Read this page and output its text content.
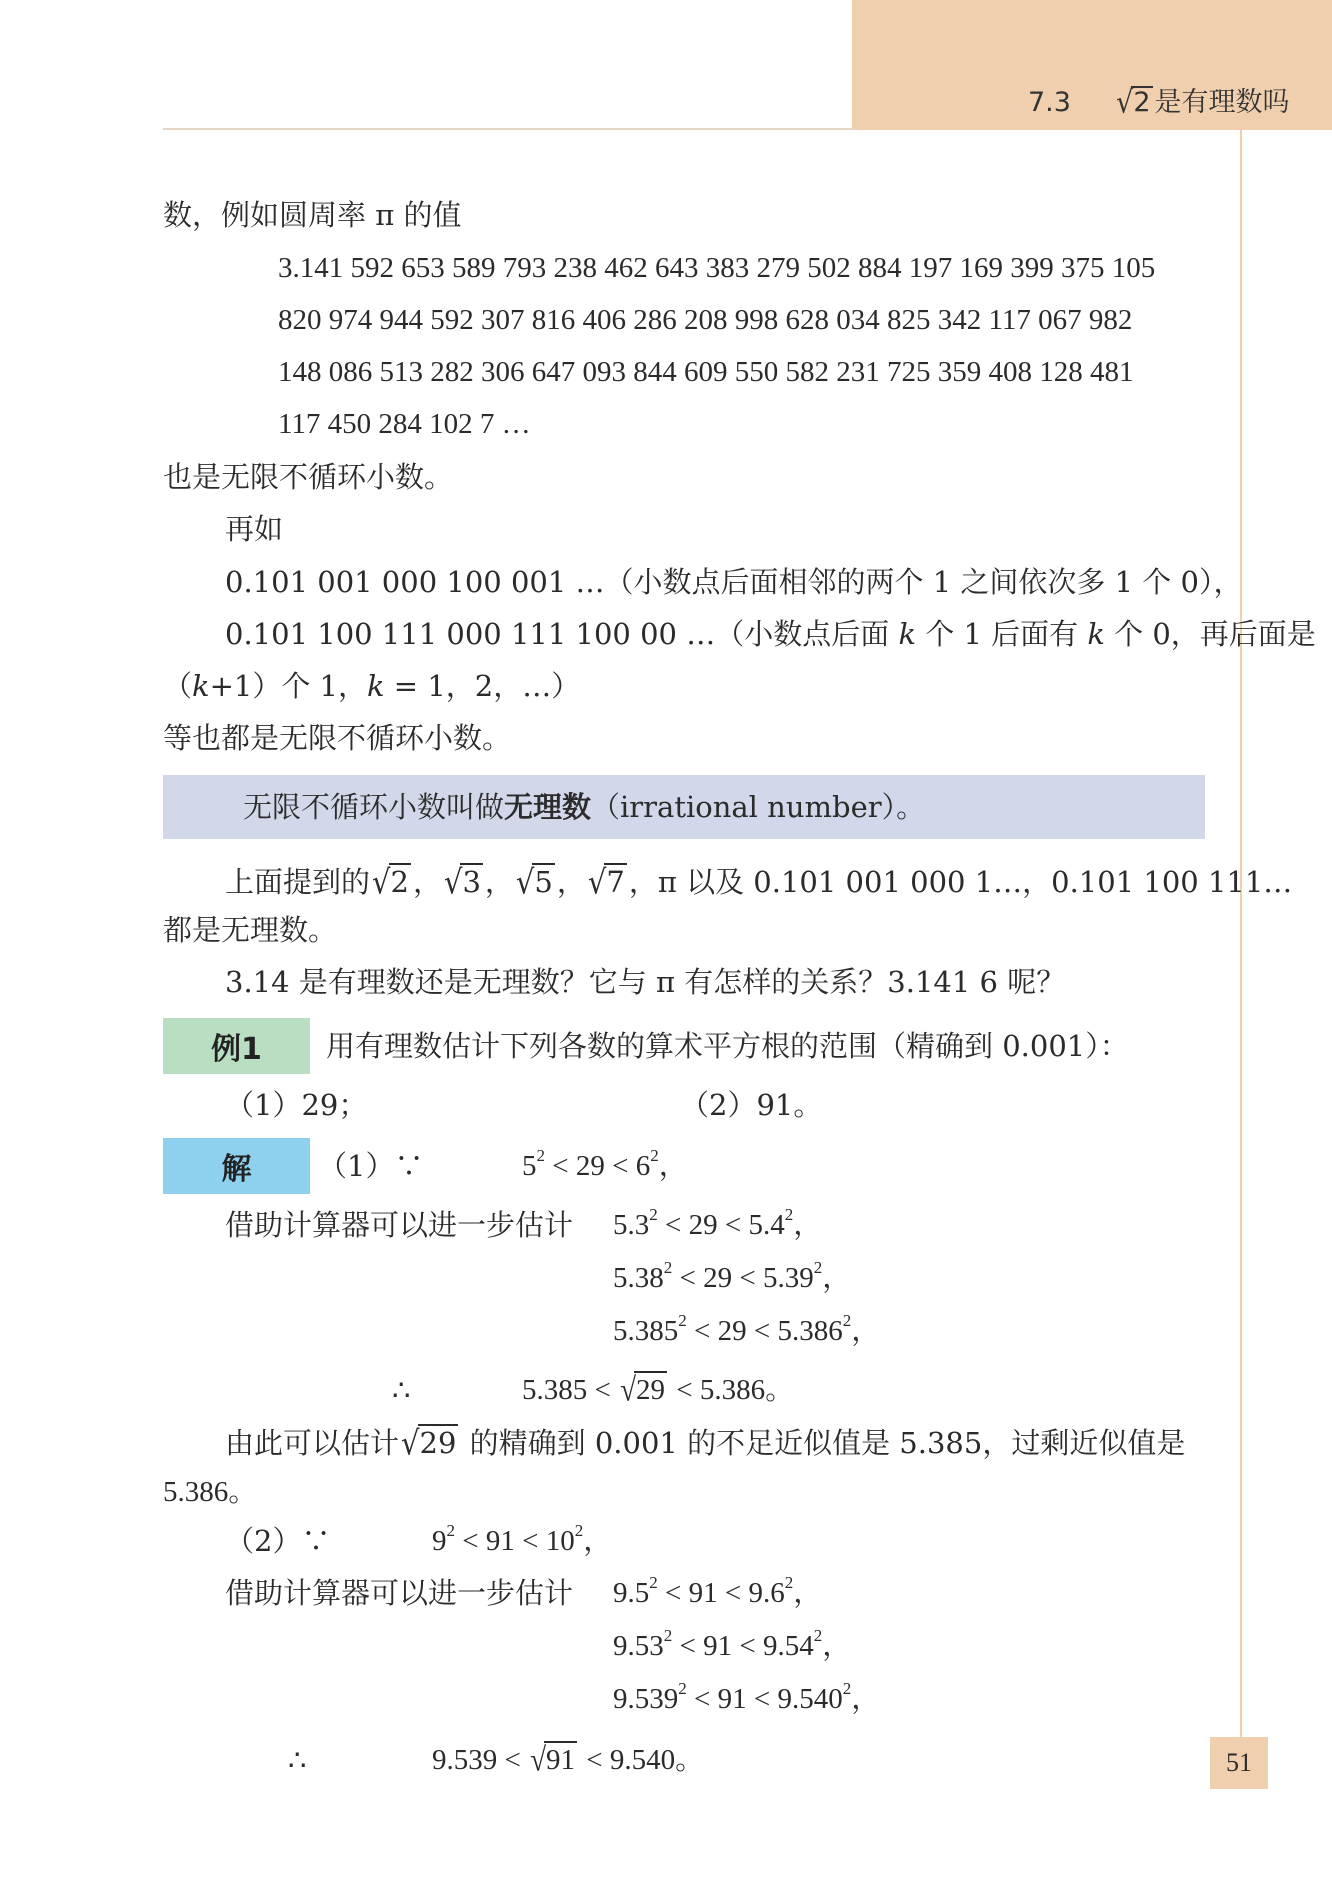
7.3 √2 是有理数吗
数，例如圆周率 π 的值
3.141 592 653 589 793 238 462 643 383 279 502 884 197 169 399 375 105
820 974 944 592 307 816 406 286 208 998 628 034 825 342 117 067 982
148 086 513 282 306 647 093 844 609 550 582 231 725 359 408 128 481
117 450 284 102 7 …
也是无限不循环小数。
再如
0.101 001 000 100 001 …（小数点后面相邻的两个 1 之间依次多 1 个 0），
0.101 100 111 000 111 100 00 …（小数点后面 k 个 1 后面有 k 个 0，再后面是
（k+1）个 1，k = 1，2，…）
等也都是无限不循环小数。
无限不循环小数叫做无理数（irrational number）。
上面提到的√2 ，√3 ，√5 ，√7 ，π 以及 0.101 001 000 1…，0.101 100 111…
都是无理数。
3.14 是有理数还是无理数？它与 π 有怎样的关系？3.141 6 呢？
例1	用有理数估计下列各数的算术平方根的范围（精确到 0.001）：
（1）29；	（2）91。
解	（1）∵	$5^2 < 29 < 6^2$，
借助计算器可以进一步估计 $5.3^2 < 29 < 5.4^2$，
$5.38^2 < 29 < 5.39^2$，
$5.385^2 < 29 < 5.386^2$，
∴	5.385 < √29 < 5.386。
由此可以估计√29 的精确到 0.001 的不足近似值是 5.385，过剩近似值是
5.386。
（2）∵	$9^2 < 91 < 10^2$，
借助计算器可以进一步估计 $9.5^2 < 91 < 9.6^2$，
$9.53^2 < 91 < 9.54^2$，
$9.539^2 < 91 < 9.540^2$，
∴	9.539 < √91 < 9.540。	51
